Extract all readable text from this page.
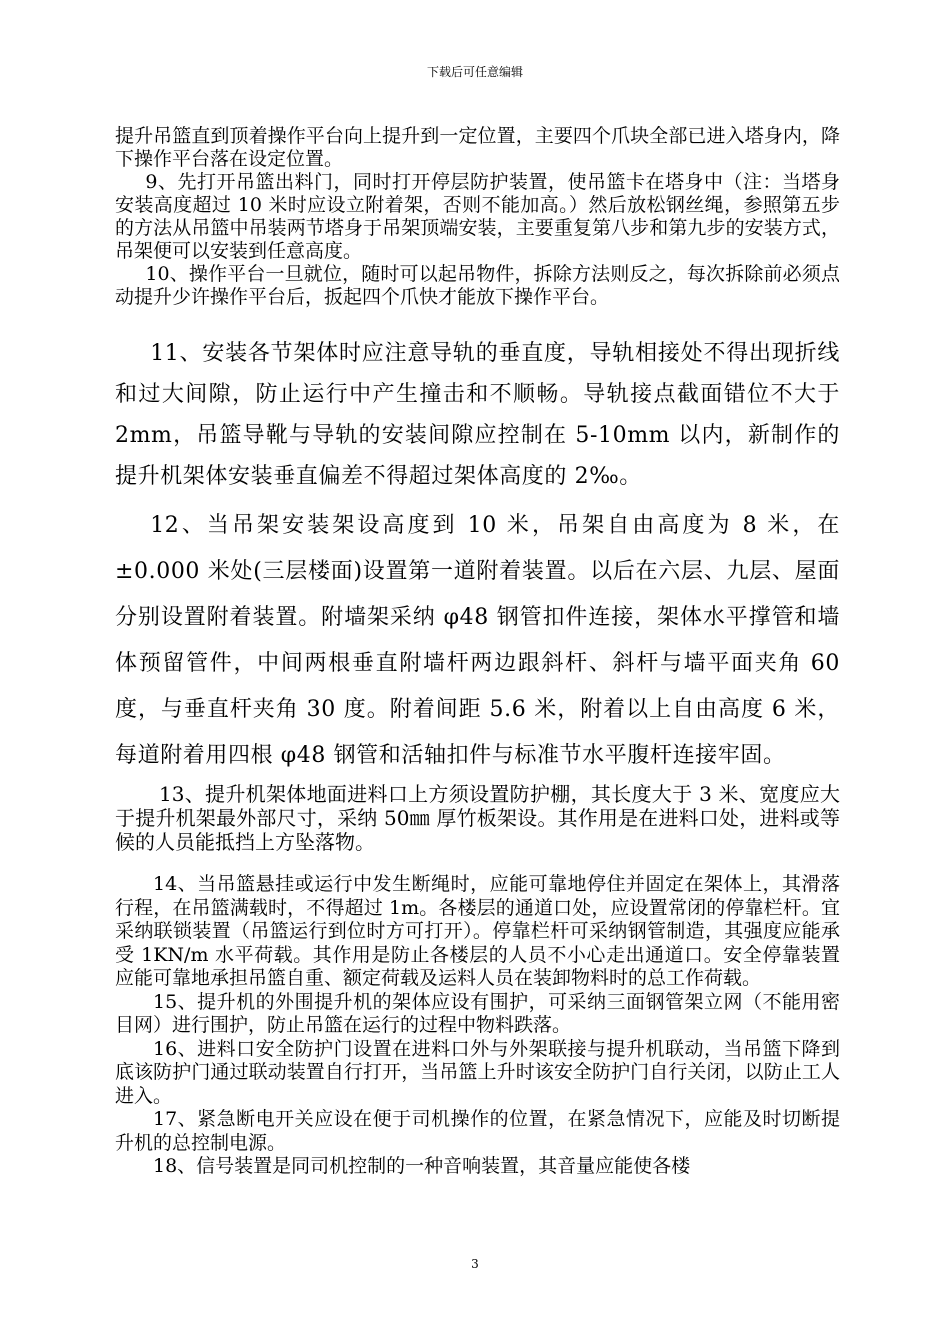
下载后可任意编辑

提升吊篮直到顶着操作平台向上提升到一定位置，主要四个爪块全部已进入塔身内，降下操作平台落在设定位置。

9、先打开吊篮出料门，同时打开停层防护装置，使吊篮卡在塔身中（注：当塔身安装高度超过 10 米时应设立附着架，否则不能加高。）然后放松钢丝绳，参照第五步的方法从吊篮中吊装两节塔身于吊架顶端安装，主要重复第八步和第九步的安装方式，吊架便可以安装到任意高度。

10、操作平台一旦就位，随时可以起吊物件，拆除方法则反之，每次拆除前必须点动提升少许操作平台后，扳起四个爪快才能放下操作平台。

11、安装各节架体时应注意导轨的垂直度，导轨相接处不得出现折线和过大间隙，防止运行中产生撞击和不顺畅。导轨接点截面错位不大于 2mm，吊篮导靴与导轨的安装间隙应控制在 5-10mm 以内，新制作的提升机架体安装垂直偏差不得超过架体高度的 2‰。

12、当吊架安装架设高度到 10 米，吊架自由高度为 8 米，在±0.000 米处(三层楼面)设置第一道附着装置。以后在六层、九层、屋面分别设置附着装置。附墙架采纳 φ48 钢管扣件连接，架体水平撑管和墙体预留管件，中间两根垂直附墙杆两边跟斜杆、斜杆与墙平面夹角 60 度，与垂直杆夹角 30 度。附着间距 5.6 米，附着以上自由高度 6 米，每道附着用四根 φ48 钢管和活轴扣件与标准节水平腹杆连接牢固。

13、提升机架体地面进料口上方须设置防护棚，其长度大于 3 米、宽度应大于提升机架最外部尺寸，采纳 50㎜ 厚竹板架设。其作用是在进料口处，进料或等候的人员能抵挡上方坠落物。

14、当吊篮悬挂或运行中发生断绳时，应能可靠地停住并固定在架体上，其滑落行程，在吊篮满载时，不得超过 1m。各楼层的通道口处，应设置常闭的停靠栏杆。宜采纳联锁装置（吊篮运行到位时方可打开）。停靠栏杆可采纳钢管制造，其强度应能承受 1KN/m 水平荷载。其作用是防止各楼层的人员不小心走出通道口。安全停靠装置应能可靠地承担吊篮自重、额定荷载及运料人员在装卸物料时的总工作荷载。

15、提升机的外围提升机的架体应设有围护，可采纳三面钢管架立网（不能用密目网）进行围护，防止吊篮在运行的过程中物料跌落。

16、进料口安全防护门设置在进料口外与外架联接与提升机联动，当吊篮下降到底该防护门通过联动装置自行打开，当吊篮上升时该安全防护门自行关闭，以防止工人进入。

17、紧急断电开关应设在便于司机操作的位置，在紧急情况下，应能及时切断提升机的总控制电源。

18、信号装置是同司机控制的一种音响装置，其音量应能使各楼

3
